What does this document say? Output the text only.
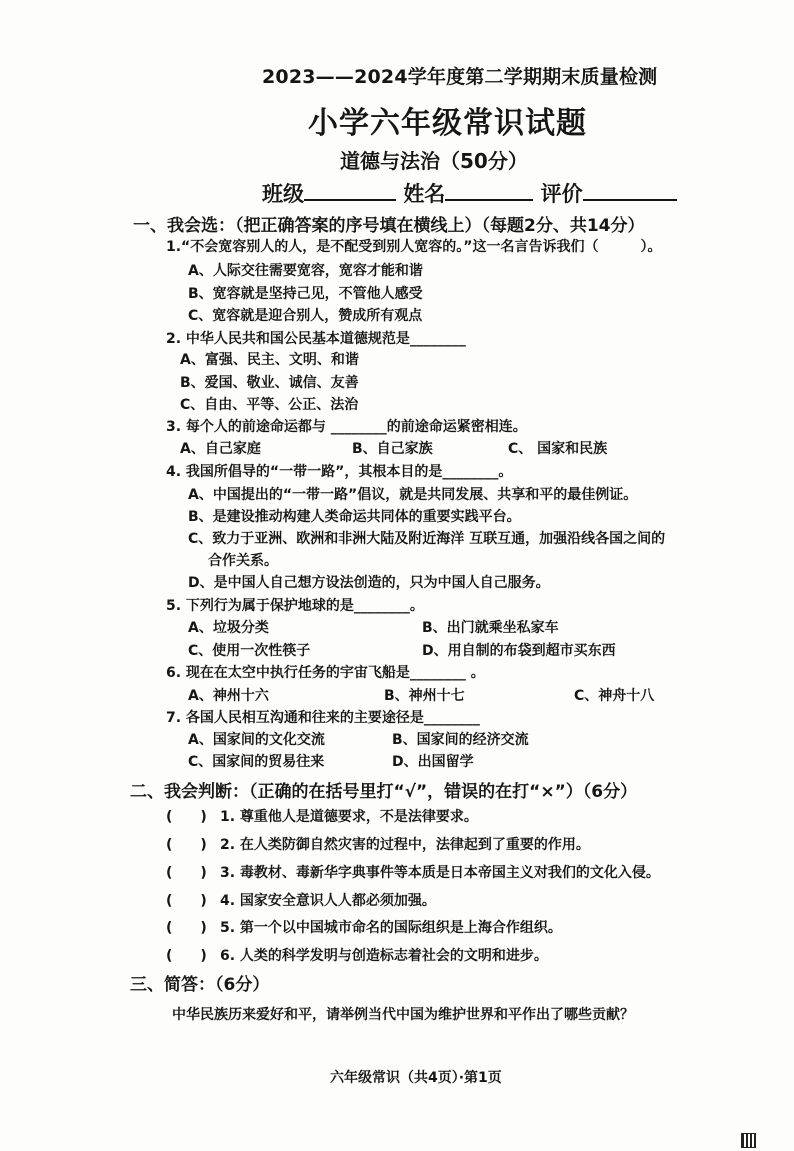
2023——2024学年度第二学期期末质量检测
小学六年级常识试题
道德与法治（50分）
班级	姓名	评价
一、我会选：（把正确答案的序号填在横线上）（每题2分、共14分）
1.“不会宽容别人的人，是不配受到别人宽容的。”这一名言告诉我们（　　　）。
A、人际交往需要宽容，宽容才能和谐
B、宽容就是坚持己见，不管他人感受
C、宽容就是迎合别人，赞成所有观点
2. 中华人民共和国公民基本道德规范是________
A、富强、民主、文明、和谐
B、爱国、敬业、诚信、友善
C、自由、平等、公正、法治
3. 每个人的前途命运都与 ________的前途命运紧密相连。
A、自己家庭	B、自己家族	C、 国家和民族
4. 我国所倡导的“一带一路”，其根本目的是________。
A、中国提出的“一带一路”倡议，就是共同发展、共享和平的最佳例证。
B、是建设推动构建人类命运共同体的重要实践平台。
C、致力于亚洲、欧洲和非洲大陆及附近海洋 互联互通，加强沿线各国之间的
合作关系。
D、是中国人自己想方设法创造的，只为中国人自己服务。
5. 下列行为属于保护地球的是________。
A、垃圾分类	B、出门就乘坐私家车
C、使用一次性筷子	D、用自制的布袋到超市买东西
6. 现在在太空中执行任务的宇宙飞船是________ 。
A、神州十六	B、神州十七	C、神舟十八
7. 各国人民相互沟通和往来的主要途径是________
A、国家间的文化交流	B、国家间的经济交流
C、国家间的贸易往来	D、出国留学
二、我会判断：（正确的在括号里打“√”，错误的在打“×”）（6分）
(　　) 1. 尊重他人是道德要求，不是法律要求。
(　　) 2. 在人类防御自然灾害的过程中，法律起到了重要的作用。
(　　) 3. 毒教材、毒新华字典事件等本质是日本帝国主义对我们的文化入侵。
(　　) 4. 国家安全意识人人都必须加强。
(　　) 5. 第一个以中国城市命名的国际组织是上海合作组织。
(　　) 6. 人类的科学发明与创造标志着社会的文明和进步。
三、简答：（6分）
中华民族历来爱好和平，请举例当代中国为维护世界和平作出了哪些贡献？
六年级常识（共4页）·第1页
